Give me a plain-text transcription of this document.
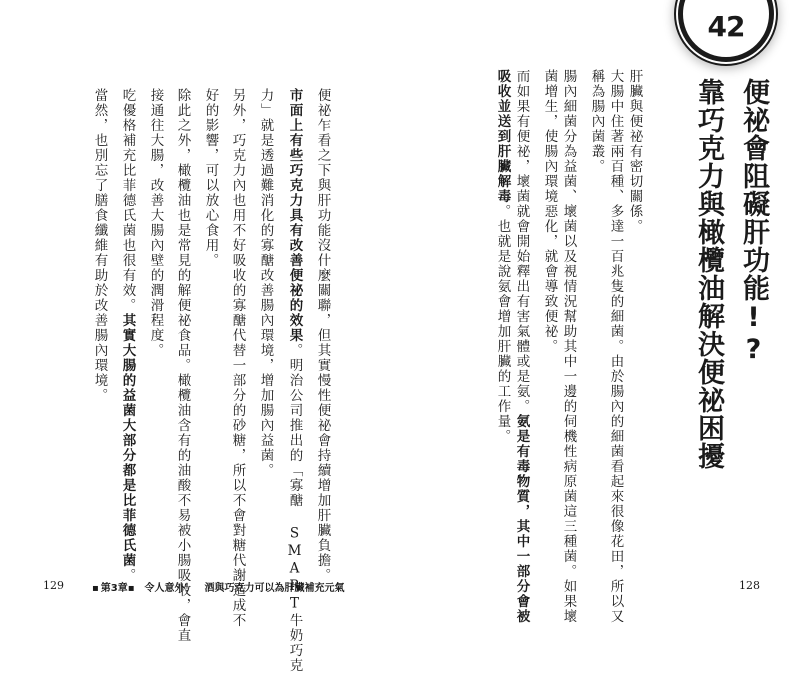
42
便祕會阻礙肝功能!?
靠巧克力與橄欖油解決便祕困擾
肝臟與便祕有密切關係。
大腸中住著兩百種、多達一百兆隻的細菌。由於腸內的細菌看起來很像花田，所以又
稱為腸內菌叢。
腸內細菌分為益菌、壞菌以及視情況幫助其中一邊的伺機性病原菌這三種菌。如果壞
菌增生，使腸內環境惡化，就會導致便祕。
而如果有便祕，壞菌就會開始釋出有害氣體或是氨。氨是有毒物質，其中一部分會被
吸收並送到肝臟解毒。也就是說氨會增加肝臟的工作量。
128
便祕乍看之下與肝功能沒什麼關聯，但其實慢性便祕會持續增加肝臟負擔。
市面上有些巧克力具有改善便祕的效果。明治公司推出的「寡醣 SMART牛奶巧克
力」就是透過難消化的寡醣改善腸內環境，增加腸內益菌。
另外，巧克力內也用不好吸收的寡醣代替一部分的砂糖，所以不會對糖代謝造成不
好的影響，可以放心食用。
除此之外，橄欖油也是常見的解便祕食品。橄欖油含有的油酸不易被小腸吸收，會直
接通往大腸，改善大腸內壁的潤滑程度。
吃優格補充比菲德氏菌也很有效。其實大腸的益菌大部分都是比菲德氏菌。
當然，也別忘了膳食纖維有助於改善腸內環境。
129	▪ 第3章▪ 令人意外！　酒與巧克力可以為肝臟補充元氣
